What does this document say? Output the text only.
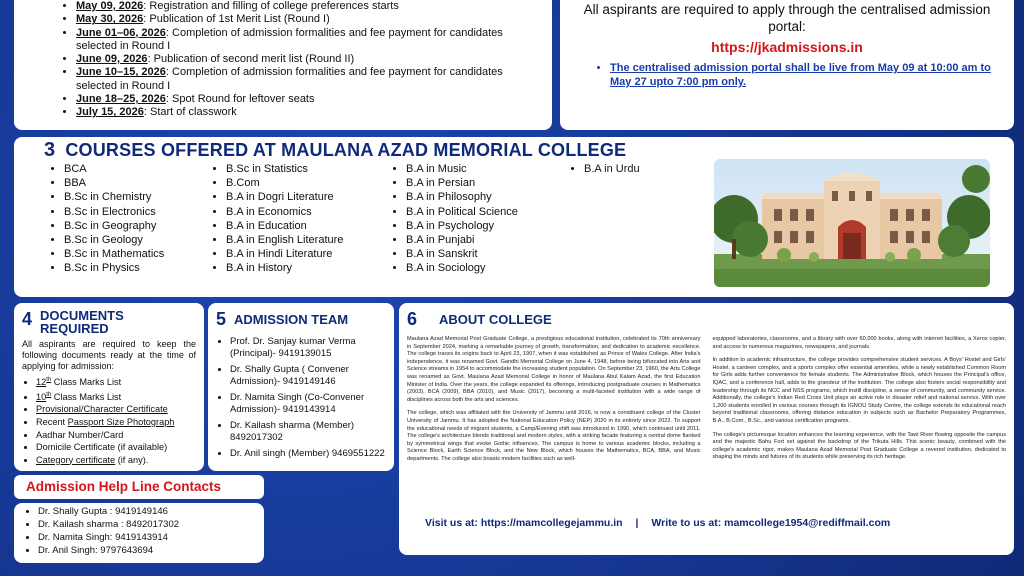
• May 09, 2026: Registration and filling of college preferences starts
• May 30, 2026: Publication of 1st Merit List (Round I)
• June 01–06, 2026: Completion of admission formalities and fee payment for candidates selected in Round I
• June 09, 2026: Publication of second merit list (Round II)
• June 10–15, 2026: Completion of admission formalities and fee payment for candidates selected in Round I
• June 18–25, 2026: Spot Round for leftover seats
• July 15, 2026: Start of classwork
All aspirants are required to apply through the centralised admission portal:
https://jkadmissions.in
• The centralised admission portal shall be live from May 09 at 10:00 am to May 27 upto 7:00 pm only.
3 COURSES OFFERED AT MAULANA AZAD MEMORIAL COLLEGE
• BCA
• BBA
• B.Sc in Chemistry
• B.Sc in Electronics
• B.Sc in Geography
• B.Sc in Geology
• B.Sc in Mathematics
• B.Sc in Physics
• B.Sc in Statistics
• B.Com
• B.A in Dogri Literature
• B.A in Economics
• B.A in Education
• B.A in English Literature
• B.A in Hindi Literature
• B.A in History
• B.A in Music
• B.A in Persian
• B.A in Philosophy
• B.A in Political Science
• B.A in Psychology
• B.A in Punjabi
• B.A in Sanskrit
• B.A in Sociology
• B.A in Urdu
4 DOCUMENTS
REQUIRED
All aspirants are required to keep the following documents ready at the time of applying for admission:
• 12th Class Marks List
• 10th Class Marks List
• Provisional/Character Certificate
• Recent Passport Size Photograph
• Aadhar Number/Card
• Domicile Certificate (if available)
• Category certificate (if any).
5 ADMISSION TEAM
• Prof. Dr. Sanjay kumar Verma (Principal)- 9419139015
• Dr. Shally Gupta ( Convener Admission)- 9419149146
• Dr. Namita Singh (Co-Convener Admission)- 9419143914
• Dr. Kailash sharma (Member) 8492017302
• Dr. Anil singh (Member) 9469551222
6 ABOUT COLLEGE

Maulana Azad Memorial Post Graduate College, a prestigious educational institution, celebrated its 70th anniversary in September 2024, marking a remarkable journey of growth, transformation, and dedication to academic excellence. The college traces its origins back to April 23, 1907, when it was established as Prince of Wales College. After India's independence, it was renamed Govt. Gandhi Memorial College on June 4, 1948, before being bifurcated into Arts and Science streams in 1954 to accommodate the increasing student population. On September 23, 1960, the Arts College was renamed as Govt. Maulana Azad Memorial College in honor of Maulana Abul Kalam Azad, the first Education Minister of India. Over the years, the college expanded its offerings, introducing postgraduate courses in Mathematics (2003), BCA (2009), BBA (2010), and Music (2017), becoming a multi-faceted institution with a wide range of disciplines across both the arts and sciences.

The college, which was affiliated with the University of Jammu until 2016, is now a constituent college of the Cluster University of Jammu. It has adopted the National Education Policy (NEP) 2020 in its entirety since 2022. To support the educational needs of migrant students, a Camp/Evening shift was introduced in 1990, which continued until 2011. The college's architecture blends traditional and modern styles, with a striking facade featuring a central dome flanked by symmetrical wings that evoke Gothic influences. The campus is home to various academic blocks, including a Science Block, Earth Science Block, and the New Block, which houses the Mathematics, BCA, BBA, and Music departments. The college also boasts modern facilities such as well-

equipped laboratories, classrooms, and a library with over 60,000 books, along with internet facilities, a Xerox copier, and access to numerous magazines, newspapers, and journals.

In addition to academic infrastructure, the college provides comprehensive student services. A Boys' Hostel and Girls' Hostel, a canteen complex, and a sports complex offer essential amenities, while a newly established Common Room for Girls adds further convenience for female students. The Administrative Block, which houses the Principal's office, IQAC, and a conference hall, adds to the grandeur of the institution. The college also fosters social responsibility and leadership through its NCC and NSS programs, which instill discipline, a sense of community, and community service. Additionally, the college's Indian Red Cross Unit plays an active role in disaster relief and national service. With over 1,200 students enrolled in various courses through its IGNOU Study Centre, the college extends its educational reach beyond traditional classrooms, offering distance education in subjects such as Bachelor Preparatory Programmes, B.A., B.Com., B.Sc., and various certification programs.

The college's picturesque location enhances the learning experience, with the Tawi River flowing opposite the campus and the majestic Bahu Fort set against the backdrop of the Trikuta Hills. This scenic beauty, combined with the college's academic rigor, makes Maulana Azad Memorial Post Graduate College a revered institution, dedicated to shaping the minds and futures of its students while preserving its rich heritage.

Visit us at: https://mamcollegejammu.in | Write to us at: mamcollege1954@rediffmail.com
Admission Help Line Contacts
• Dr. Shally Gupta : 9419149146
• Dr. Kailash sharma : 8492017302
• Dr. Namita Singh: 9419143914
• Dr. Anil Singh: 9797643694
